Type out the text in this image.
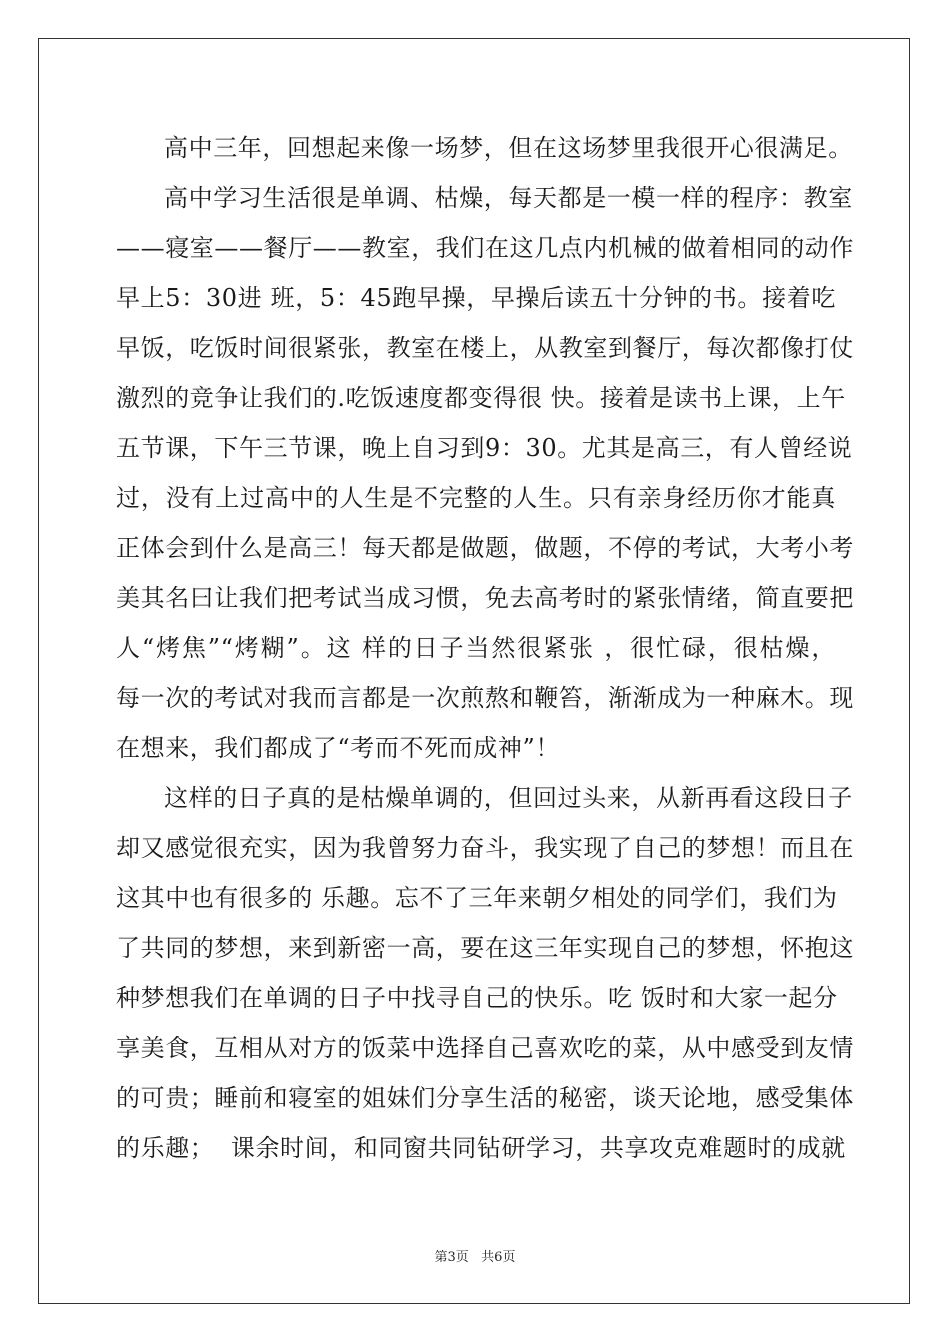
高中三年，回想起来像一场梦，但在这场梦里我很开心很满足。
高中学习生活很是单调、枯燥，每天都是一模一样的程序：教室
——寝室——餐厅——教室，我们在这几点内机械的做着相同的动作
早上5：30进 班，5：45跑早操，早操后读五十分钟的书。接着吃
早饭，吃饭时间很紧张，教室在楼上，从教室到餐厅，每次都像打仗
激烈的竞争让我们的.吃饭速度都变得很 快。接着是读书上课，上午
五节课，下午三节课，晚上自习到9：30。尤其是高三，有人曾经说
过，没有上过高中的人生是不完整的人生。只有亲身经历你才能真
正体会到什么是高三！每天都是做题，做题，不停的考试，大考小考
美其名曰让我们把考试当成习惯，免去高考时的紧张情绪，简直要把
人“烤焦”“烤糊”。这 样的日子当然很紧张 ，很忙碌，很枯燥，
每一次的考试对我而言都是一次煎熬和鞭笞，渐渐成为一种麻木。现
在想来，我们都成了“考而不死而成神”！
这样的日子真的是枯燥单调的，但回过头来，从新再看这段日子
却又感觉很充实，因为我曾努力奋斗，我实现了自己的梦想！而且在
这其中也有很多的 乐趣。忘不了三年来朝夕相处的同学们，我们为
了共同的梦想，来到新密一高，要在这三年实现自己的梦想，怀抱这
种梦想我们在单调的日子中找寻自己的快乐。吃 饭时和大家一起分
享美食，互相从对方的饭菜中选择自己喜欢吃的菜，从中感受到友情
的可贵；睡前和寝室的姐妹们分享生活的秘密，谈天论地，感受集体
的乐趣；  课余时间，和同窗共同钻研学习，共享攻克难题时的成就
第3页   共6页
